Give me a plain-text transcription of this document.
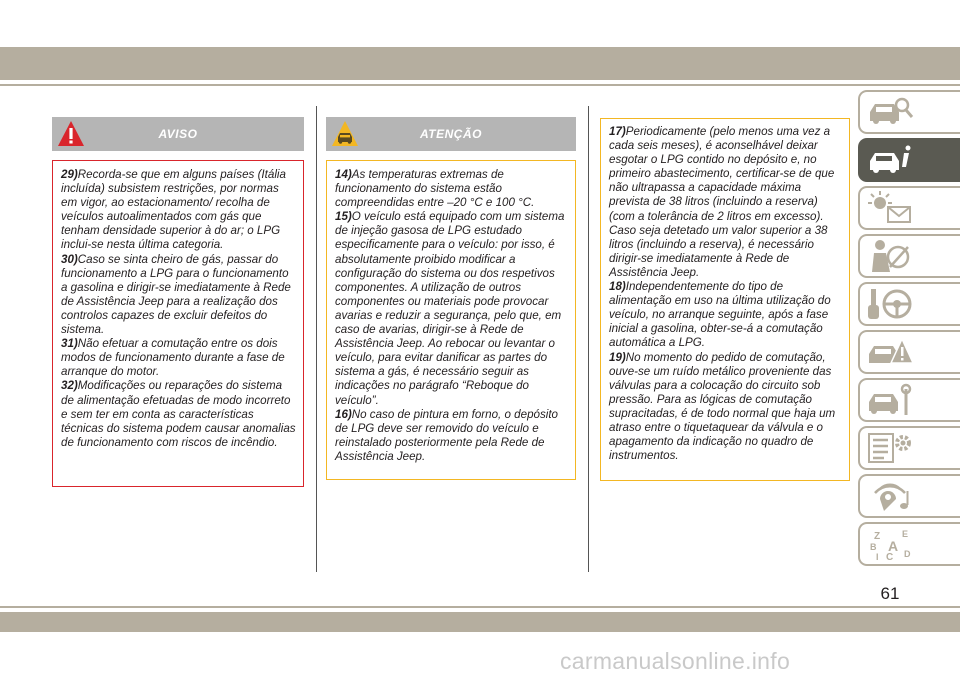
AVISO

29)Recorda-se que em alguns países (Itália incluída) subsistem restrições, por normas em vigor, ao estacionamento/ recolha de veículos autoalimentados com gás que tenham densidade superior à do ar; o LPG inclui-se nesta última categoria.

30)Caso se sinta cheiro de gás, passar do funcionamento a LPG para o funcionamento a gasolina e dirigir-se imediatamente à Rede de Assistência Jeep para a realização dos controlos capazes de excluir defeitos do sistema.

31)Não efetuar a comutação entre os dois modos de funcionamento durante a fase de arranque do motor.

32)Modificações ou reparações do sistema de alimentação efetuadas de modo incorreto e sem ter em conta as características técnicas do sistema podem causar anomalias de funcionamento com riscos de incêndio.

ATENÇÃO

14)As temperaturas extremas de funcionamento do sistema estão compreendidas entre –20 °C e 100 °C.

15)O veículo está equipado com um sistema de injeção gasosa de LPG estudado especificamente para o veículo: por isso, é absolutamente proibido modificar a configuração do sistema ou dos respetivos componentes. A utilização de outros componentes ou materiais pode provocar avarias e reduzir a segurança, pelo que, em caso de avarias, dirigir-se à Rede de Assistência Jeep. Ao rebocar ou levantar o veículo, para evitar danificar as partes do sistema a gás, é necessário seguir as indicações no parágrafo “Reboque do veículo”.

16)No caso de pintura em forno, o depósito de LPG deve ser removido do veículo e reinstalado posteriormente pela Rede de Assistência Jeep.

17)Periodicamente (pelo menos uma vez a cada seis meses), é aconselhável deixar esgotar o LPG contido no depósito e, no primeiro abastecimento, certificar-se de que não ultrapassa a capacidade máxima prevista de 38 litros (incluindo a reserva) (com a tolerância de 2 litros em excesso). Caso seja detetado um valor superior a 38 litros (incluindo a reserva), é necessário dirigir-se imediatamente à Rede de Assistência Jeep.

18)Independentemente do tipo de alimentação em uso na última utilização do veículo, no arranque seguinte, após a fase inicial a gasolina, obter-se-á a comutação automática a LPG.

19)No momento do pedido de comutação, ouve-se um ruído metálico proveniente das válvulas para a colocação do circuito sob pressão. Para as lógicas de comutação supracitadas, é de todo normal que haja um atraso entre o tiquetaquear da válvula e o apagamento da indicação no quadro de instrumentos.

Z E
B A
I C D
61
carmanualsonline.info
